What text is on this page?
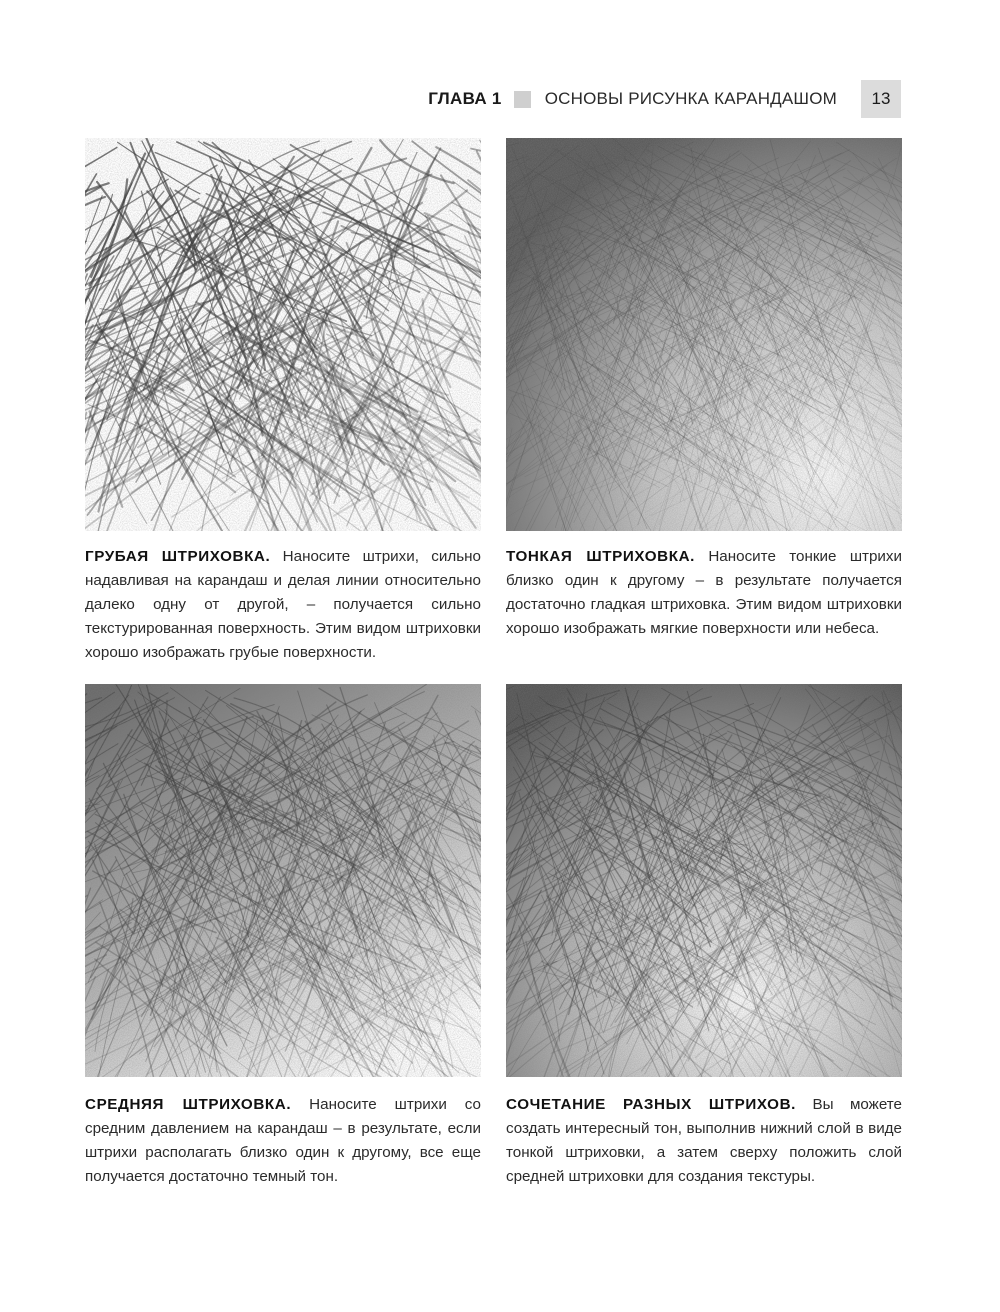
ГЛАВА 1	ОСНОВЫ РИСУНКА КАРАНДАШОМ	13

ГРУБАЯ ШТРИХОВКА. Наносите штрихи, сильно надавливая на карандаш и делая линии относительно далеко одну от другой, – получается сильно текстурированная поверхность. Этим видом штриховки хорошо изображать грубые поверхности.

ТОНКАЯ ШТРИХОВКА. Наносите тонкие штрихи близко один к другому – в результате получается достаточно гладкая штриховка. Этим видом штриховки хорошо изображать мягкие поверхности или небеса.

СРЕДНЯЯ ШТРИХОВКА. Наносите штрихи со средним давлением на карандаш – в результате, если штрихи располагать близко один к другому, все еще получается достаточно темный тон.

СОЧЕТАНИЕ РАЗНЫХ ШТРИХОВ. Вы можете создать интересный тон, выполнив нижний слой в виде тонкой штриховки, а затем сверху положить слой средней штриховки для создания текстуры.
